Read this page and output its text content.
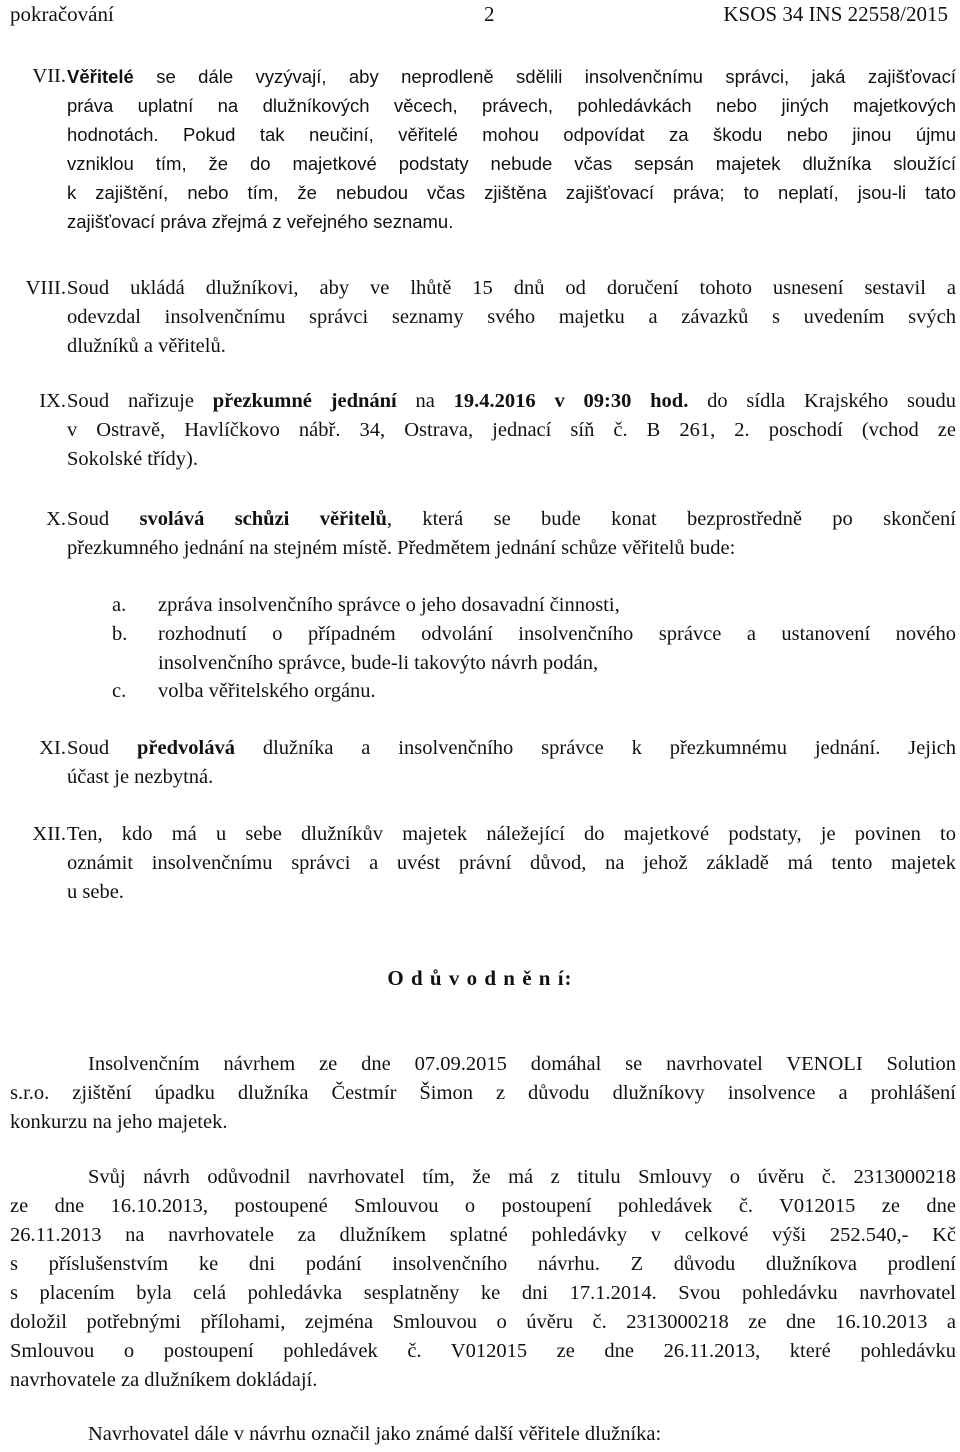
pokračování	2	KSOS 34 INS 22558/2015
VII. Věřitelé se dále vyzývají, aby neprodleně sdělili insolvenčnímu správci, jaká zajišťovací
práva uplatní na dlužníkových věcech, právech, pohledávkách nebo jiných majetkových
hodnotách. Pokud tak neučiní, věřitelé mohou odpovídat za škodu nebo jinou újmu
vzniklou tím, že do majetkové podstaty nebude včas sepsán majetek dlužníka sloužící
k zajištění, nebo tím, že nebudou včas zjištěna zajišťovací práva; to neplatí, jsou-li tato
zajišťovací práva zřejmá z veřejného seznamu.
VIII. Soud ukládá dlužníkovi, aby ve lhůtě 15 dnů od doručení tohoto usnesení sestavil a
odevzdal insolvenčnímu správci seznamy svého majetku a závazků s uvedením svých
dlužníků a věřitelů.
IX. Soud nařizuje přezkumné jednání na 19.4.2016 v 09:30 hod. do sídla Krajského soudu
v Ostravě, Havlíčkovo nábř. 34, Ostrava, jednací síň č. B 261, 2. poschodí (vchod ze
Sokolské třídy).
X. Soud svolává schůzi věřitelů, která se bude konat bezprostředně po skončení
přezkumného jednání na stejném místě. Předmětem jednání schůze věřitelů bude:
a.	zpráva insolvenčního správce o jeho dosavadní činnosti,
b.	rozhodnutí o případném odvolání insolvenčního správce a ustanovení nového
insolvenčního správce, bude-li takovýto návrh podán,
c.	volba věřitelského orgánu.
XI. Soud předvolává dlužníka a insolvenčního správce k přezkumnému jednání. Jejich
účast je nezbytná.
XII. Ten, kdo má u sebe dlužníkův majetek náležející do majetkové podstaty, je povinen to
oznámit insolvenčnímu správci a uvést právní důvod, na jehož základě má tento majetek
u sebe.
O d ů v o d n ě n í:
Insolvenčním návrhem ze dne 07.09.2015 domáhal se navrhovatel VENOLI Solution
s.r.o. zjištění úpadku dlužníka Čestmír Šimon z důvodu dlužníkovy insolvence a prohlášení
konkurzu na jeho majetek.
Svůj návrh odůvodnil navrhovatel tím, že má z titulu Smlouvy o úvěru č. 2313000218
ze dne 16.10.2013, postoupené Smlouvou o postoupení pohledávek č. V012015 ze dne
26.11.2013 na navrhovatele za dlužníkem splatné pohledávky v celkové výši 252.540,- Kč
s příslušenstvím ke dni podání insolvenčního návrhu. Z důvodu dlužníkova prodlení
s placením byla celá pohledávka sesplatněny ke dni 17.1.2014. Svou pohledávku navrhovatel
doložil potřebnými přílohami, zejména Smlouvou o úvěru č. 2313000218 ze dne 16.10.2013 a
Smlouvou o postoupení pohledávek č. V012015 ze dne 26.11.2013, které pohledávku
navrhovatele za dlužníkem dokládají.
Navrhovatel dále v návrhu označil jako známé další věřitele dlužníka:
